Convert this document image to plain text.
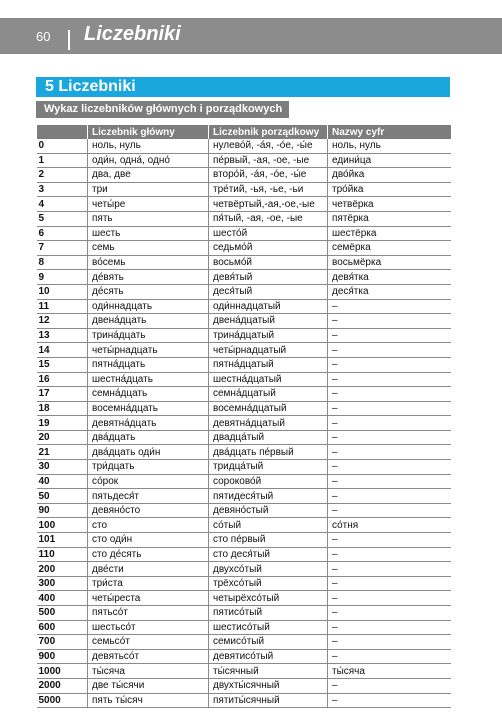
60 Liczebniki
5 Liczebniki
Wykaz liczebników głównych i porządkowych
	Liczebnik główny	Liczebnik porządkowy	Nazwy cyfr
0	ноль, нуль	нулево́й, -а́я, -о́е, -ы́е	ноль, нуль
1	оди́н, одна́, одно́	пе́рвый, -ая, -ое, -ые	едини́ца
2	два, две	второ́й, -а́я, -о́е, -ы́е	дво́йка
3	три	тре́тий, -ья, -ье, -ьи	тро́йка
4	четы́ре	четвёртый,-ая,-ое,-ые	четвёрка
5	пять	пя́тый, -ая, -ое, -ые	пятёрка
6	шесть	шесто́й	шестёрка
7	семь	седьмо́й	семёрка
8	во́семь	восьмо́й	восьмёрка
9	де́вять	девя́тый	девя́тка
10	де́сять	деся́тый	деся́тка
11	оди́ннадцать	оди́ннадцатый	–
12	двена́дцать	двена́дцатый	–
13	трина́дцать	трина́дцатый	–
14	четы́рнадцать	четы́рнадцатый	–
15	пятна́дцать	пятна́дцатый	–
16	шестна́дцать	шестна́дцатый	–
17	семна́дцать	семна́дцатый	–
18	восемна́дцать	восемна́дцатый	–
19	девятна́дцать	девятна́дцатый	–
20	два́дцать	двадца́тый	–
21	два́дцать оди́н	два́дцать пе́рвый	–
30	три́дцать	тридца́тый	–
40	со́рок	сороково́й	–
50	пятьдеся́т	пятидеся́тый	–
90	девяно́сто	девяно́стый	–
100	сто	со́тый	со́тня
101	сто оди́н	сто пе́рвый	–
110	сто де́сять	сто деся́тый	–
200	две́сти	двухсо́тый	–
300	три́ста	трёхсо́тый	–
400	четы́реста	четырёхсо́тый	–
500	пятьсо́т	пятисо́тый	–
600	шестьсо́т	шестисо́тый	–
700	семьсо́т	семисо́тый	–
900	девятьсо́т	девятисо́тый	–
1000	ты́сяча	ты́сячный	ты́сяча
2000	две ты́сячи	двухты́сячный	–
5000	пять ты́сяч	пятиты́сячный	–
